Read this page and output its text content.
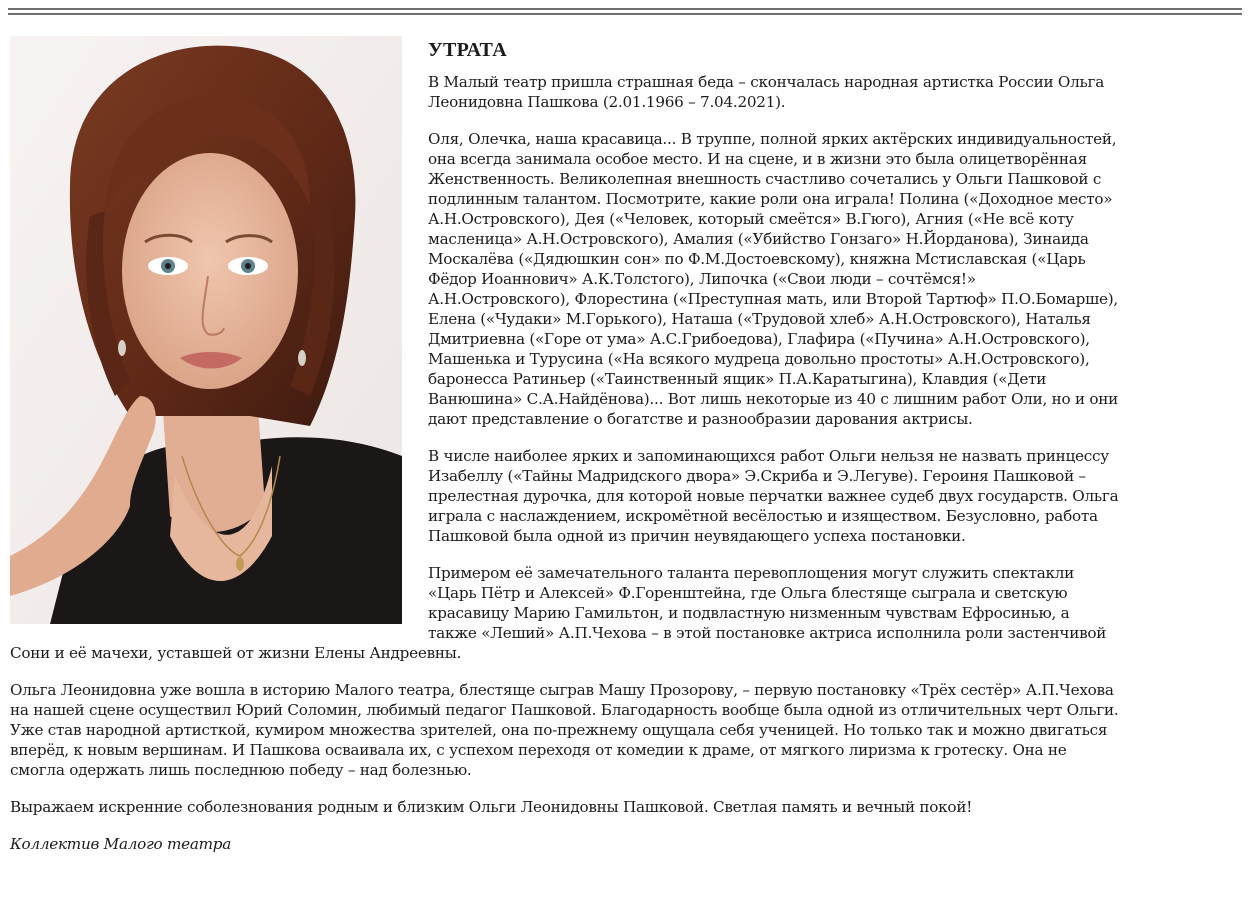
УТРАТА

В Малый театр пришла страшная беда – скончалась народная артистка России Ольга Леонидовна Пашкова (2.01.1966 – 7.04.2021).

Оля, Олечка, наша красавица... В труппе, полной ярких актёрских индивидуальностей, она всегда занимала особое место. И на сцене, и в жизни это была олицетворённая Женственность. Великолепная внешность счастливо сочетались у Ольги Пашковой с подлинным талантом. Посмотрите, какие роли она играла! Полина («Доходное место» А.Н.Островского), Дея («Человек, который смеётся» В.Гюго), Агния («Не всё коту масленица» А.Н.Островского), Амалия («Убийство Гонзаго» Н.Йорданова), Зинаида Москалёва («Дядюшкин сон» по Ф.М.Достоевскому), княжна Мстиславская («Царь Фёдор Иоаннович» А.К.Толстого), Липочка («Свои люди – сочтёмся!» А.Н.Островского), Флорестина («Преступная мать, или Второй Тартюф» П.О.Бомарше), Елена («Чудаки» М.Горького), Наташа («Трудовой хлеб» А.Н.Островского), Наталья Дмитриевна («Горе от ума» А.С.Грибоедова), Глафира («Пучина» А.Н.Островского), Машенька и Турусина («На всякого мудреца довольно простоты» А.Н.Островского), баронесса Ратиньер («Таинственный ящик» П.А.Каратыгина), Клавдия («Дети Ванюшина» С.А.Найдёнова)... Вот лишь некоторые из 40 с лишним работ Оли, но и они дают представление о богатстве и разнообразии дарования актрисы.

В числе наиболее ярких и запоминающихся работ Ольги нельзя не назвать принцессу Изабеллу («Тайны Мадридского двора» Э.Скриба и Э.Легуве). Героиня Пашковой – прелестная дурочка, для которой новые перчатки важнее судеб двух государств. Ольга играла с наслаждением, искромётной весёлостью и изяществом. Безусловно, работа Пашковой была одной из причин неувядающего успеха постановки.

Примером её замечательного таланта перевоплощения могут служить спектакли «Царь Пётр и Алексей» Ф.Горенштейна, где Ольга блестяще сыграла и светскую красавицу Марию Гамильтон, и подвластную низменным чувствам Ефросинью, а также «Леший» А.П.Чехова – в этой постановке актриса исполнила роли застенчивой Сони и её мачехи, уставшей от жизни Елены Андреевны.

Ольга Леонидовна уже вошла в историю Малого театра, блестяще сыграв Машу Прозорову, – первую постановку «Трёх сестёр» А.П.Чехова на нашей сцене осуществил Юрий Соломин, любимый педагог Пашковой. Благодарность вообще была одной из отличительных черт Ольги. Уже став народной артисткой, кумиром множества зрителей, она по-прежнему ощущала себя ученицей. Но только так и можно двигаться вперёд, к новым вершинам. И Пашкова осваивала их, с успехом переходя от комедии к драме, от мягкого лиризма к гротеску. Она не смогла одержать лишь последнюю победу – над болезнью.

Выражаем искренние соболезнования родным и близким Ольги Леонидовны Пашковой. Светлая память и вечный покой!

Коллектив Малого театра
